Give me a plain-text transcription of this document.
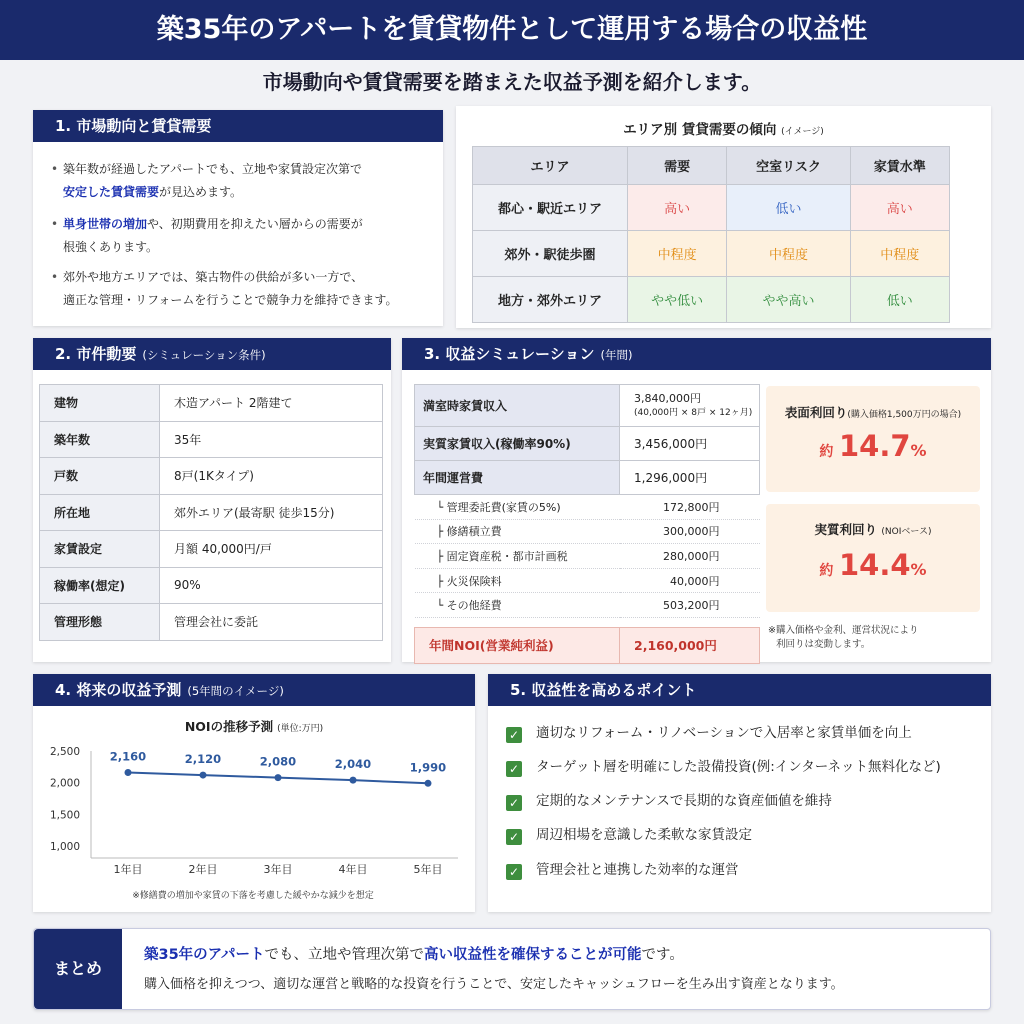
築35年のアパートを賃貸物件として運用する場合の収益性
市場動向や賃貸需要を踏まえた収益予測を紹介します。
1. 市場動向と賃貸需要
• 築年数が経過したアパートでも、立地や家賃設定次第で
安定した賃貸需要が見込めます。
• 単身世帯の増加や、初期費用を抑えたい層からの需要が
根強くあります。
• 郊外や地方エリアでは、築古物件の供給が多い一方で、
適正な管理・リフォームを行うことで競争力を維持できます。
エリア別 賃貸需要の傾向 (イメージ)
エリア	需要	空室リスク	家賃水準
都心・駅近エリア	高い	低い	高い
郊外・駅徒歩圏	中程度	中程度	中程度
地方・郊外エリア	やや低い	やや高い	低い
2. 市件動要 (シミュレーション条件)
建物	木造アパート 2階建て
築年数	35年
戸数	8戸(1Kタイプ)
所在地	郊外エリア(最寄駅 徒歩15分)
家賃設定	月額 40,000円/戸
稼働率(想定)	90%
管理形態	管理会社に委託
3. 収益シミュレーション (年間)
満室時家賃収入	3,840,000円
(40,000円 × 8戸 × 12ヶ月)
実質家賃収入(稼働率90%)	3,456,000円
年間運営費	1,296,000円
└ 管理委託費(家賃の5%)	172,800円
├ 修繕積立費	300,000円
├ 固定資産税・都市計画税	280,000円
├ 火災保険料	40,000円
└ その他経費	503,200円

年間NOI(営業純利益)	2,160,000円
表面利回り(購入価格1,500万円の場合)
約 14.7%
実質利回り (NOIベース)
約 14.4%
※購入価格や金利、運営状況により
利回りは変動します。
4. 将来の収益予測 (5年間のイメージ)
NOIの推移予測 (単位:万円)
2,500
2,000
1,500
1,000
2,160	2,120	2,080	2,040	1,990
1年目	2年目	3年目	4年目	5年目
※修繕費の増加や家賃の下落を考慮した緩やかな減少を想定
5. 収益性を高めるポイント
✓ 適切なリフォーム・リノベーションで入居率と家賃単価を向上
✓ ターゲット層を明確にした設備投資(例:インターネット無料化など)
✓ 定期的なメンテナンスで長期的な資産価値を維持
✓ 周辺相場を意識した柔軟な家賃設定
✓ 管理会社と連携した効率的な運営
まとめ
築35年のアパートでも、立地や管理次第で高い収益性を確保することが可能です。
購入価格を抑えつつ、適切な運営と戦略的な投資を行うことで、安定したキャッシュフローを生み出す資産となります。
